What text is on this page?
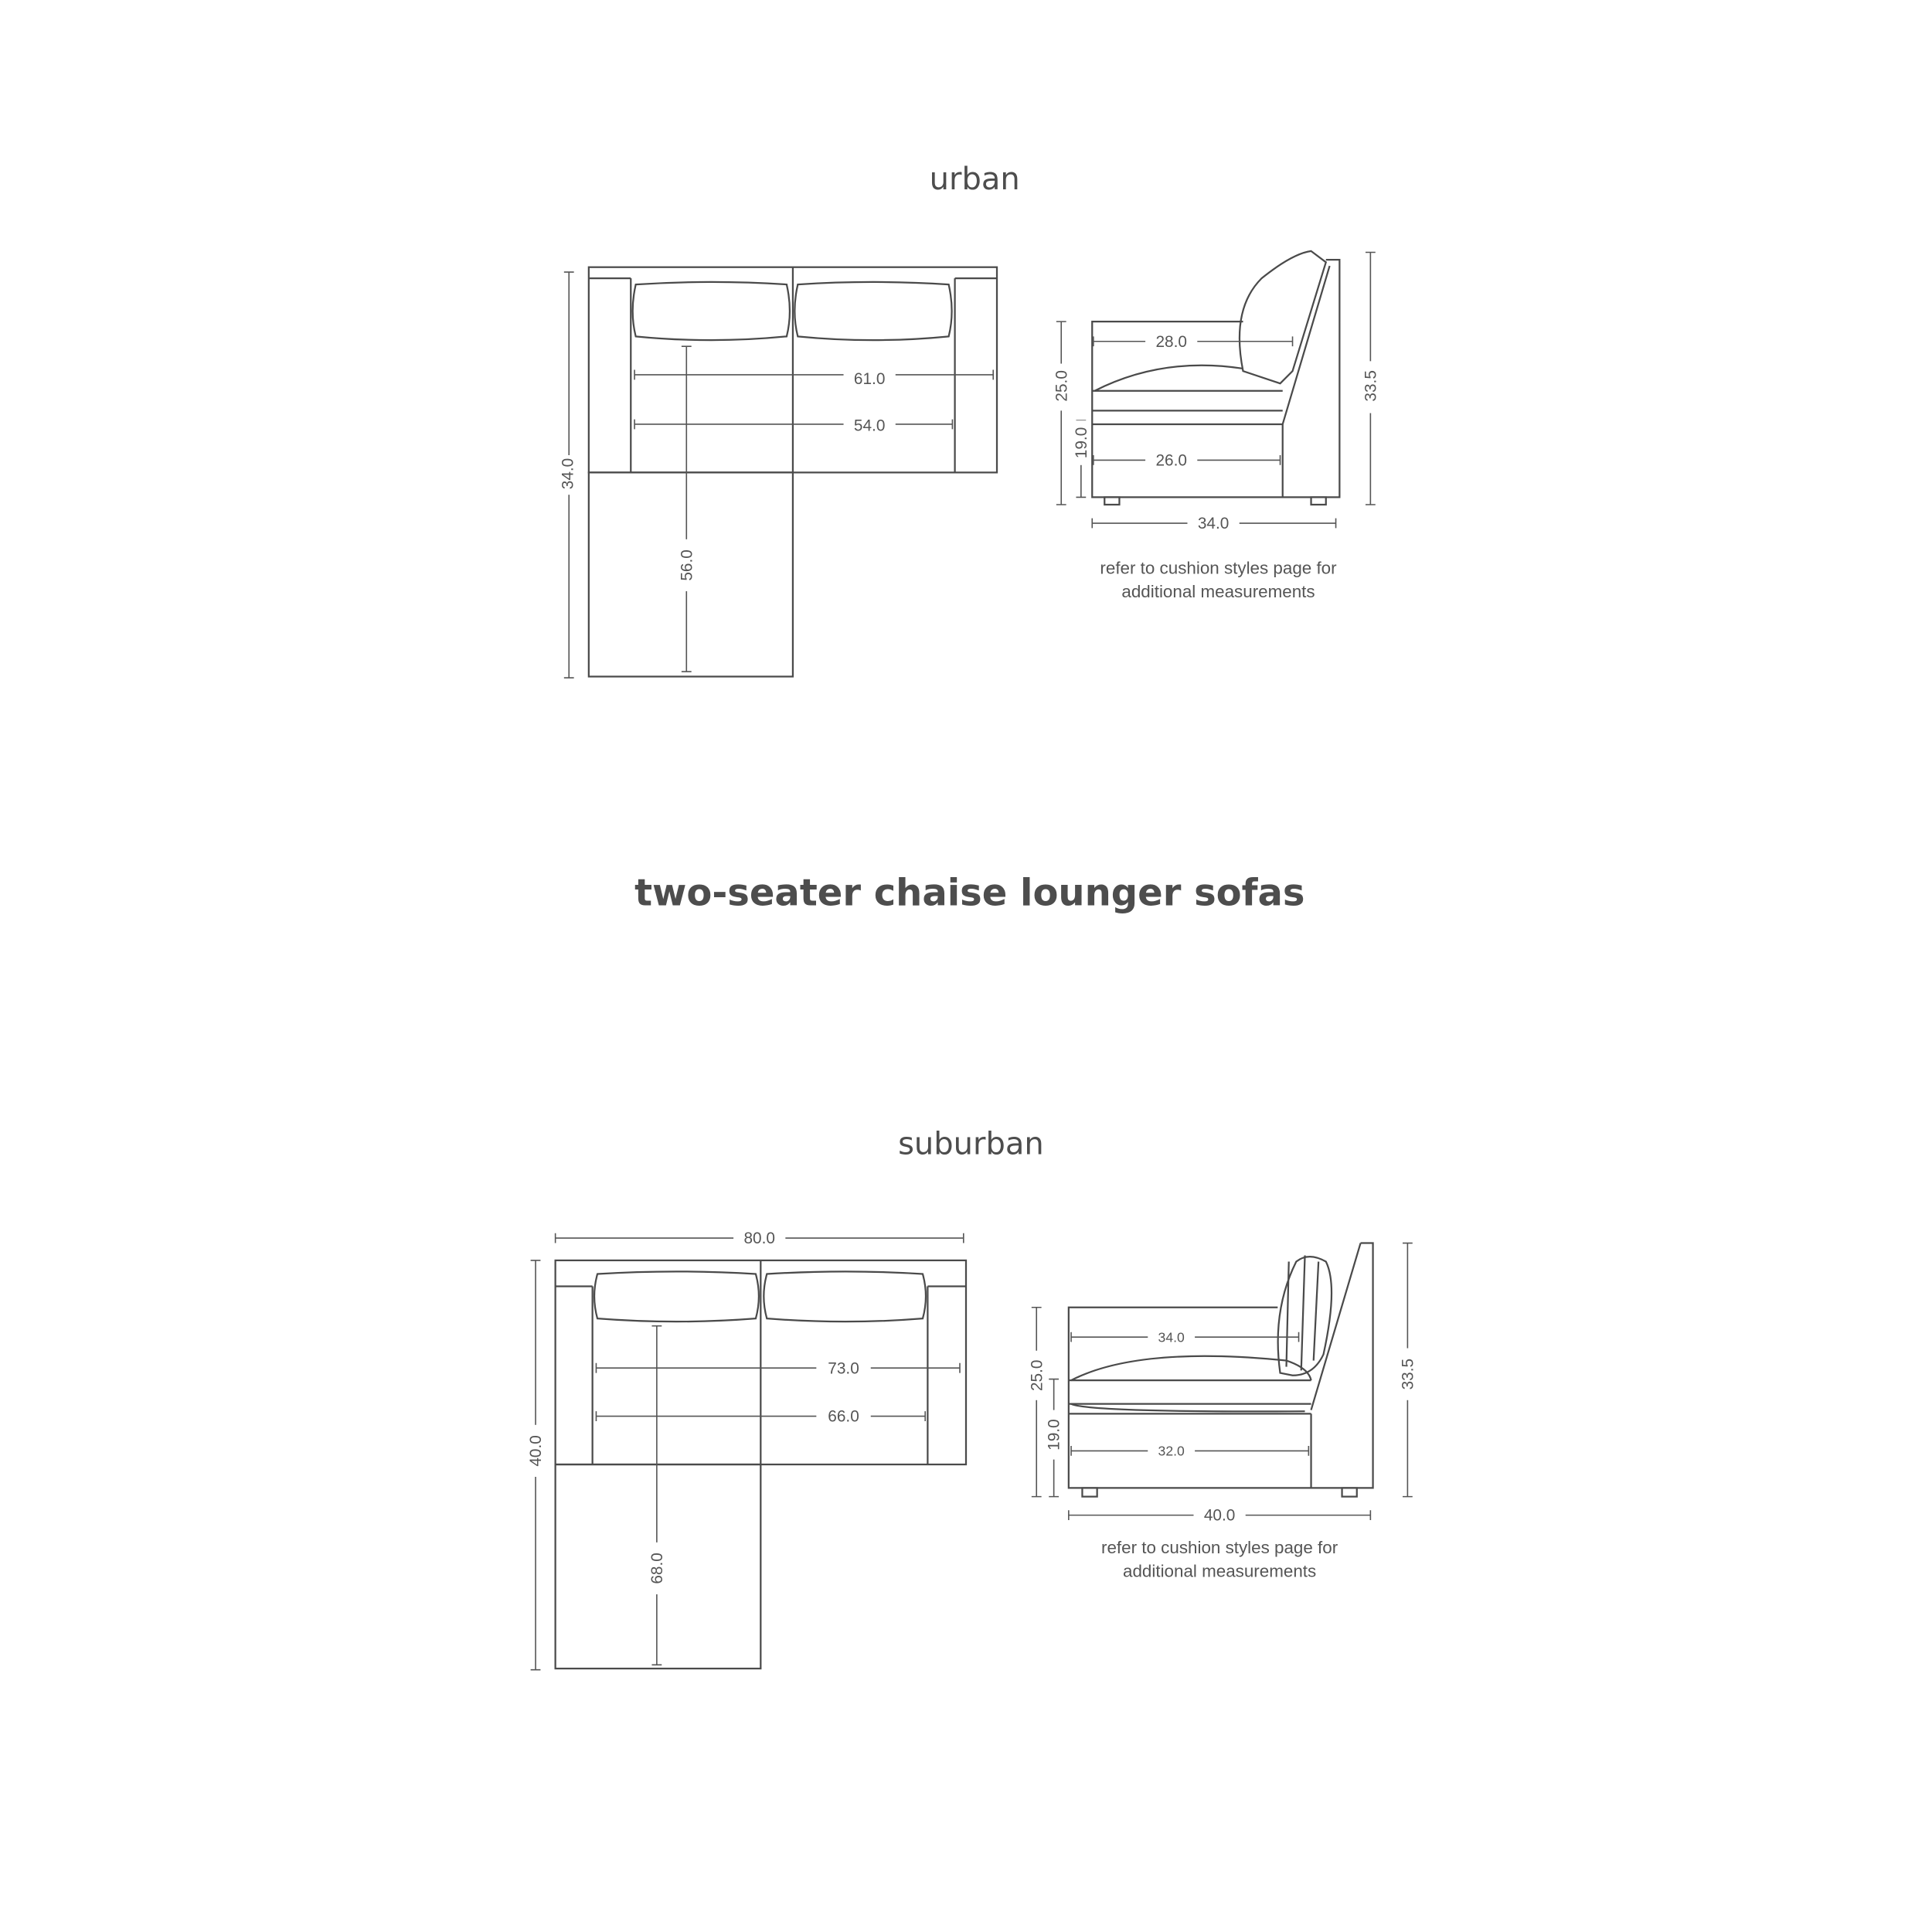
urban
two-seater chaise lounger sofas
suburban
34.0
61.0
54.0
56.0
25.0
19.0
33.5
28.0
26.0
34.0
refer to cushion styles page for
additional measurements
80.0
40.0
73.0
66.0
68.0
25.0
19.0
33.5
34.0
32.0
40.0
refer to cushion styles page for
additional measurements
